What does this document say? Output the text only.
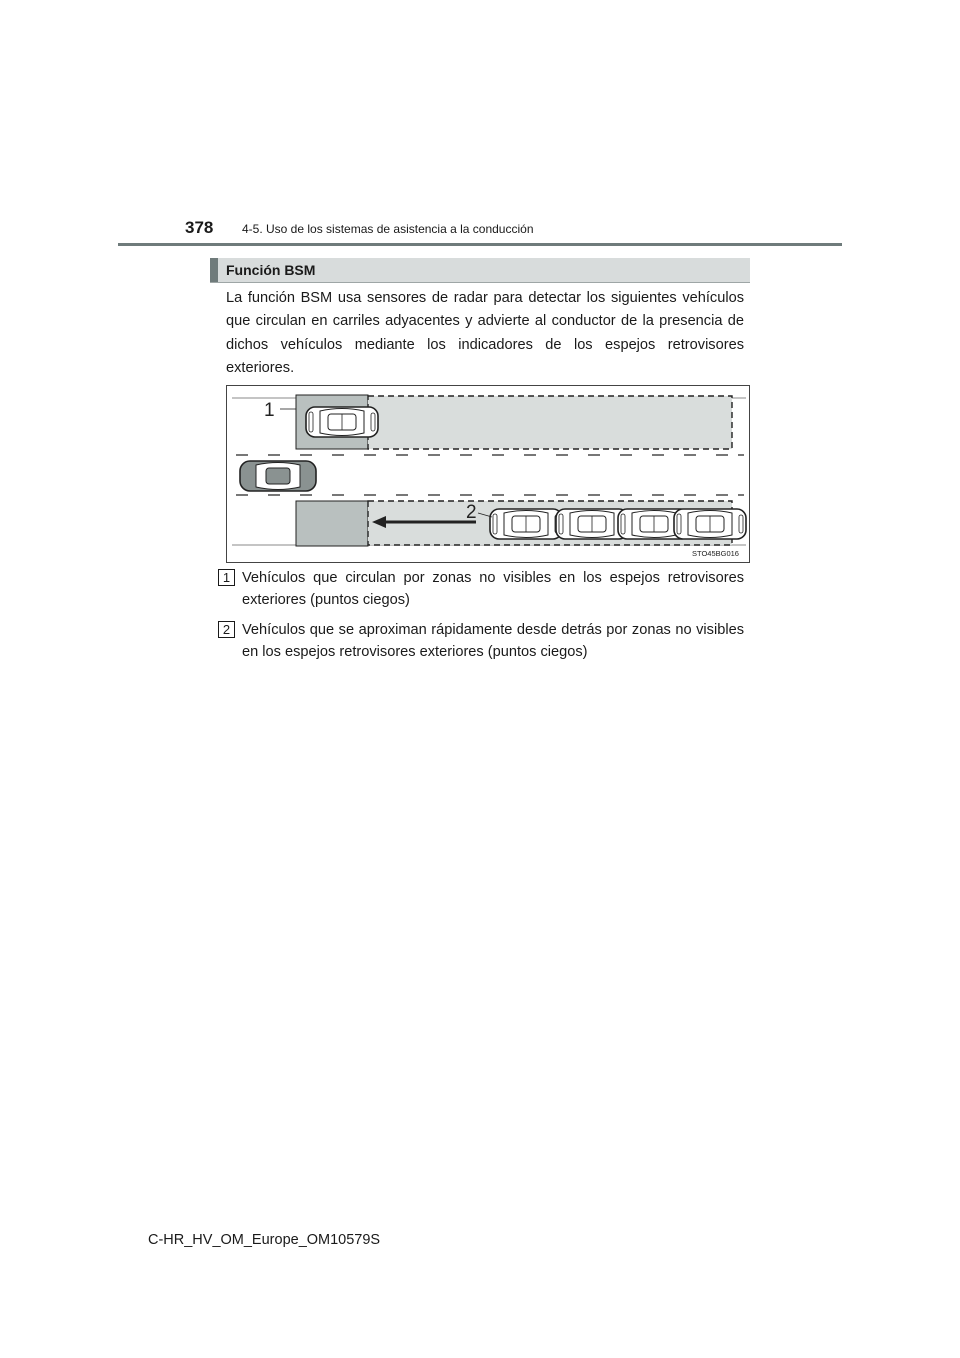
378 4-5. Uso de los sistemas de asistencia a la conducción
Función BSM

La función BSM usa sensores de radar para detectar los siguientes vehículos que circulan en carriles adyacentes y advierte al conductor de la presencia de dichos vehículos mediante los indicadores de los espejos retrovisores exteriores.

1
2
STO45BG016
1 Vehículos que circulan por zonas no visibles en los espejos retrovisores exteriores (puntos ciegos)
2 Vehículos que se aproximan rápidamente desde detrás por zonas no visibles en los espejos retrovisores exteriores (puntos ciegos)
C-HR_HV_OM_Europe_OM10579S
